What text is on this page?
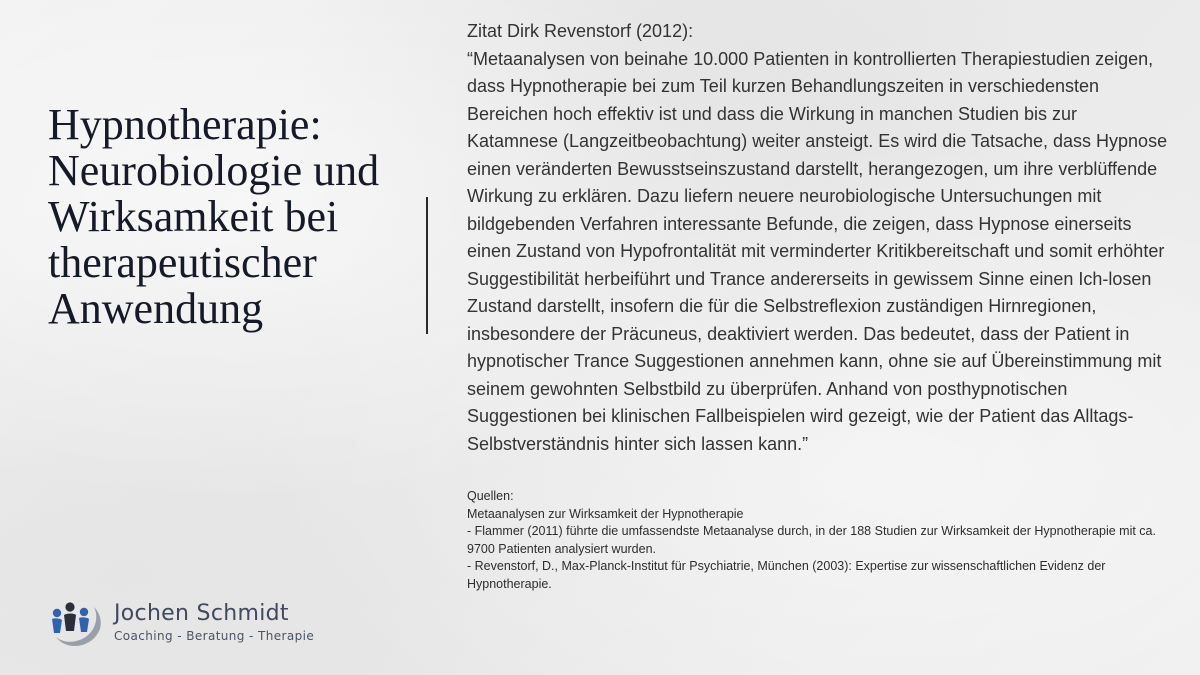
Hypnotherapie: Neurobiologie und Wirksamkeit bei therapeutischer Anwendung
Zitat Dirk Revenstorf (2012):
“Metaanalysen von beinahe 10.000 Patienten in kontrollierten Therapiestudien zeigen, dass Hypnotherapie bei zum Teil kurzen Behandlungszeiten in verschiedensten Bereichen hoch effektiv ist und dass die Wirkung in manchen Studien bis zur Katamnese (Langzeitbeobachtung) weiter ansteigt. Es wird die Tatsache, dass Hypnose einen veränderten Bewusstseinszustand darstellt, herangezogen, um ihre verblüffende Wirkung zu erklären. Dazu liefern neuere neurobiologische Untersuchungen mit bildgebenden Verfahren interessante Befunde, die zeigen, dass Hypnose einerseits einen Zustand von Hypofrontalität mit verminderter Kritikbereitschaft und somit erhöhter Suggestibilität herbeiführt und Trance andererseits in gewissem Sinne einen Ich-losen Zustand darstellt, insofern die für die Selbstreflexion zuständigen Hirnregionen, insbesondere der Präcuneus, deaktiviert werden. Das bedeutet, dass der Patient in hypnotischer Trance Suggestionen annehmen kann, ohne sie auf Übereinstimmung mit seinem gewohnten Selbstbild zu überprüfen. Anhand von posthypnotischen Suggestionen bei klinischen Fallbeispielen wird gezeigt, wie der Patient das Alltags-Selbstverständnis hinter sich lassen kann.”
Quellen:
Metaanalysen zur Wirksamkeit der Hypnotherapie
- Flammer (2011) führte die umfassendste Metaanalyse durch, in der 188 Studien zur Wirksamkeit der Hypnotherapie mit ca. 9700 Patienten analysiert wurden.
- Revenstorf, D., Max-Planck-Institut für Psychiatrie, München (2003): Expertise zur wissenschaftlichen Evidenz der Hypnotherapie.
Jochen Schmidt
Coaching - Beratung - Therapie
